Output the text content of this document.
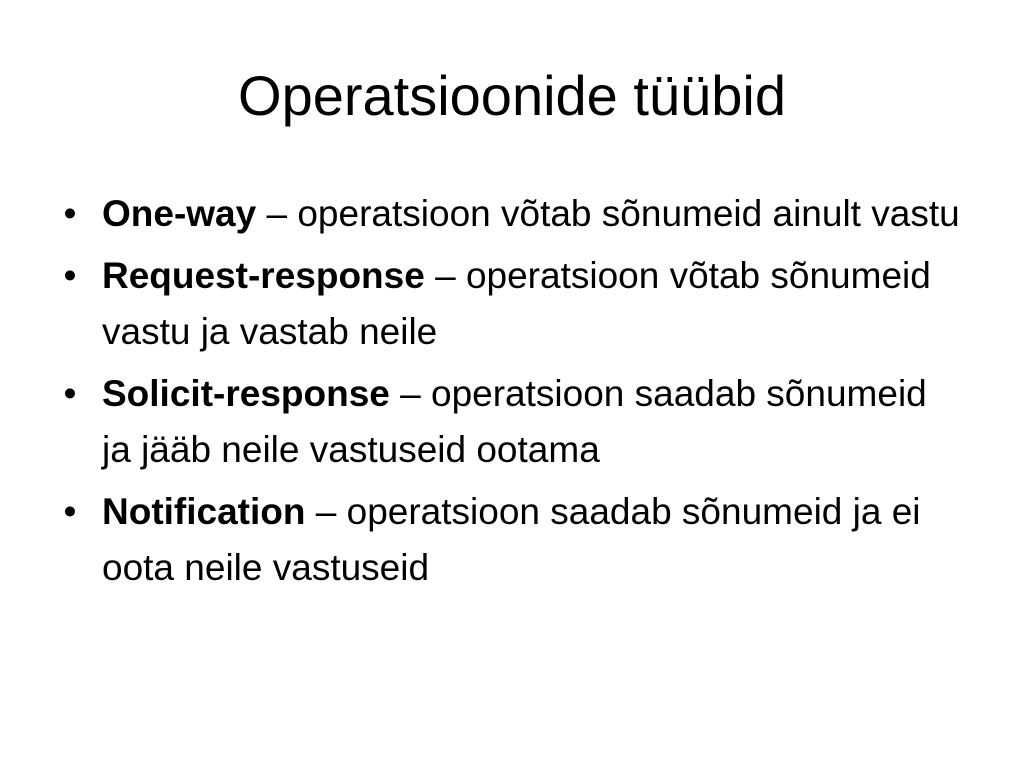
Operatsioonide tüübid
• One-way – operatsioon võtab sõnumeid ainult vastu
• Request-response – operatsioon võtab sõnumeid vastu ja vastab neile
• Solicit-response – operatsioon saadab sõnumeid ja jääb neile vastuseid ootama
• Notification – operatsioon saadab sõnumeid ja ei oota neile vastuseid
